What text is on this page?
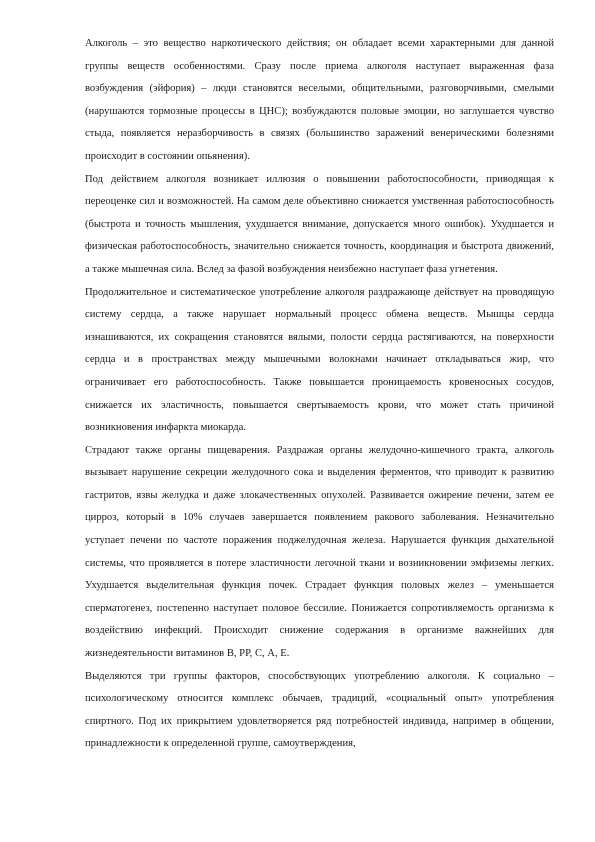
Алкоголь – это вещество наркотического действия; он обладает всеми характерными для данной группы веществ особенностями. Сразу после приема алкоголя наступает выраженная фаза возбуждения (эйфория) – люди становятся веселыми, общительными, разговорчивыми, смелыми (нарушаются тормозные процессы в ЦНС); возбуждаются половые эмоции, но заглушается чувство стыда, появляется неразборчивость в связях (большинство заражений венерическими болезнями происходит в состоянии опьянения).

Под действием алкоголя возникает иллюзия о повышении работоспособности, приводящая к переоценке сил и возможностей. На самом деле объективно снижается умственная работоспособность (быстрота и точность мышления, ухудшается внимание, допускается много ошибок). Ухудшается и физическая работоспособность, значительно снижается точность, координация и быстрота движений, а также мышечная сила. Вслед за фазой возбуждения неизбежно наступает фаза угнетения.

Продолжительное и систематическое употребление алкоголя раздражающе действует на проводящую систему сердца, а также нарушает нормальный процесс обмена веществ. Мышцы сердца изнашиваются, их сокращения становятся вялыми, полости сердца растягиваются, на поверхности сердца и в пространствах между мышечными волокнами начинает откладываться жир, что ограничивает его работоспособность. Также повышается проницаемость кровеносных сосудов, снижается их эластичность, повышается свертываемость крови, что может стать причиной возникновения инфаркта миокарда.

Страдают также органы пищеварения. Раздражая органы желудочно-кишечного тракта, алкоголь вызывает нарушение секреции желудочного сока и выделения ферментов, что приводит к развитию гастритов, язвы желудка и даже злокачественных опухолей. Развивается ожирение печени, затем ее цирроз, который в 10% случаев завершается появлением ракового заболевания. Незначительно уступает печени по частоте поражения поджелудочная железа. Нарушается функция дыхательной системы, что проявляется в потере эластичности легочной ткани и возникновении эмфиземы легких. Ухудшается выделительная функция почек. Страдает функция половых желез – уменьшается сперматогенез, постепенно наступает половое бессилие. Понижается сопротивляемость организма к воздействию инфекций. Происходит снижение содержания в организме важнейших для жизнедеятельности витаминов В, РР, С, А, Е.

Выделяются три группы факторов, способствующих употреблению алкоголя. К социально – психологическому относится комплекс обычаев, традиций, «социальный опыт» употребления спиртного. Под их прикрытием удовлетворяется ряд потребностей индивида, например в общении, принадлежности к определенной группе, самоутверждения,
